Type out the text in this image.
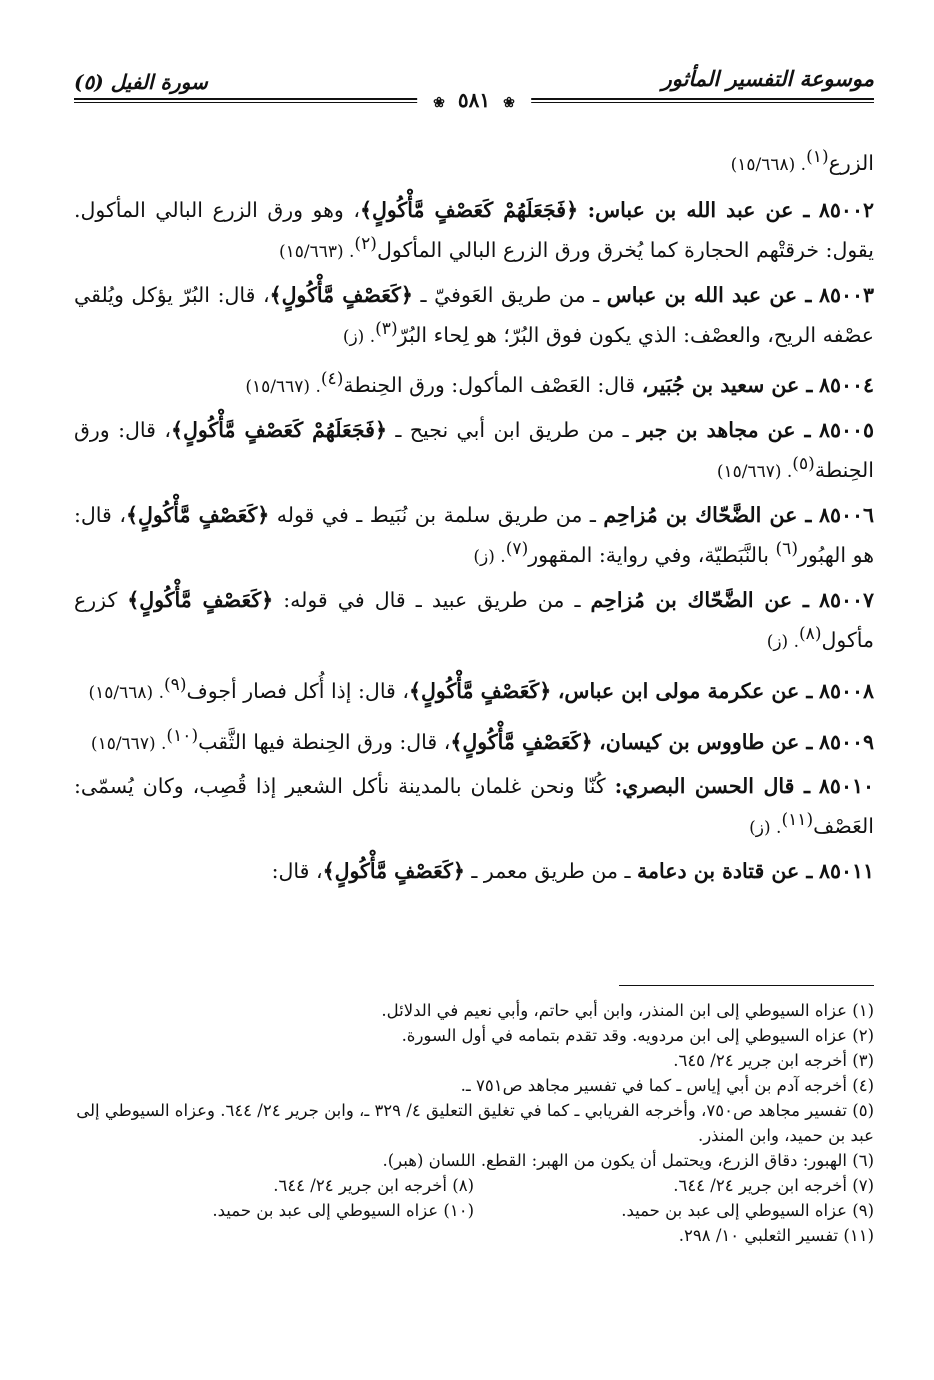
موسوعة التفسير المأثور
سورة الفيل (٥)
❀ ٥٨١ ❀

الزرع$^{(١)}$. (١٥/٦٦٨)

٨٥٠٠٢ ـ عن عبد الله بن عباس: ﴿فَجَعَلَهُمْ كَعَصْفٍ مَّأْكُولٍ﴾، وهو ورق الزرع البالي المأكول. يقول: خرقتْهم الحجارة كما يُخرق ورق الزرع البالي المأكول$^{(٢)}$. (١٥/٦٦٣)

٨٥٠٠٣ ـ عن عبد الله بن عباس ـ من طريق العَوفيّ ـ ﴿كَعَصْفٍ مَّأْكُولٍ﴾، قال: البُرّ يؤكل ويُلقي عصْفه الريح، والعصْف: الذي يكون فوق البُرّ؛ هو لِحاء البُرّ$^{(٣)}$. (ز)

٨٥٠٠٤ ـ عن سعيد بن جُبَير، قال: العَصْف المأكول: ورق الحِنطة$^{(٤)}$. (١٥/٦٦٧)

٨٥٠٠٥ ـ عن مجاهد بن جبر ـ من طريق ابن أبي نجيح ـ ﴿فَجَعَلَهُمْ كَعَصْفٍ مَّأْكُولٍ﴾، قال: ورق الحِنطة$^{(٥)}$. (١٥/٦٦٧)

٨٥٠٠٦ ـ عن الضَّحّاك بن مُزاحِم ـ من طريق سلمة بن نُبَيط ـ في قوله ﴿كَعَصْفٍ مَّأْكُولٍ﴾، قال: هو الهبُور$^{(٦)}$ بالنَّبَطيّة، وفي رواية: المقهور$^{(٧)}$. (ز)

٨٥٠٠٧ ـ عن الضَّحّاك بن مُزاحِم ـ من طريق عبيد ـ قال في قوله: ﴿كَعَصْفٍ مَّأْكُولٍ﴾ كزرع مأكول$^{(٨)}$. (ز)

٨٥٠٠٨ ـ عن عكرمة مولى ابن عباس، ﴿كَعَصْفٍ مَّأْكُولٍ﴾، قال: إذا أُكل فصار أجوف$^{(٩)}$. (١٥/٦٦٨)

٨٥٠٠٩ ـ عن طاووس بن كيسان، ﴿كَعَصْفٍ مَّأْكُولٍ﴾، قال: ورق الحِنطة فيها الثَّقب$^{(١٠)}$. (١٥/٦٦٧)

٨٥٠١٠ ـ قال الحسن البصري: كُنّا ونحن غلمان بالمدينة نأكل الشعير إذا قُصِب، وكان يُسمّى: العَصْف$^{(١١)}$. (ز)

٨٥٠١١ ـ عن قتادة بن دعامة ـ من طريق معمر ـ ﴿كَعَصْفٍ مَّأْكُولٍ﴾، قال:

(١) عزاه السيوطي إلى ابن المنذر، وابن أبي حاتم، وأبي نعيم في الدلائل.

(٢) عزاه السيوطي إلى ابن مردويه. وقد تقدم بتمامه في أول السورة.

(٣) أخرجه ابن جرير ٢٤/ ٦٤٥.

(٤) أخرجه آدم بن أبي إياس ـ كما في تفسير مجاهد ص٧٥١ ـ.

(٥) تفسير مجاهد ص٧٥٠، وأخرجه الفريابي ـ كما في تغليق التعليق ٤/ ٣٢٩ ـ، وابن جرير ٢٤/ ٦٤٤. وعزاه السيوطي إلى عبد بن حميد، وابن المنذر.

(٦) الهبور: دقاق الزرع، ويحتمل أن يكون من الهبر: القطع. اللسان (هبر).

(٧) أخرجه ابن جرير ٢٤/ ٦٤٤.

(٨) أخرجه ابن جرير ٢٤/ ٦٤٤.

(٩) عزاه السيوطي إلى عبد بن حميد.

(١٠) عزاه السيوطي إلى عبد بن حميد.

(١١) تفسير الثعلبي ١٠/ ٢٩٨.
